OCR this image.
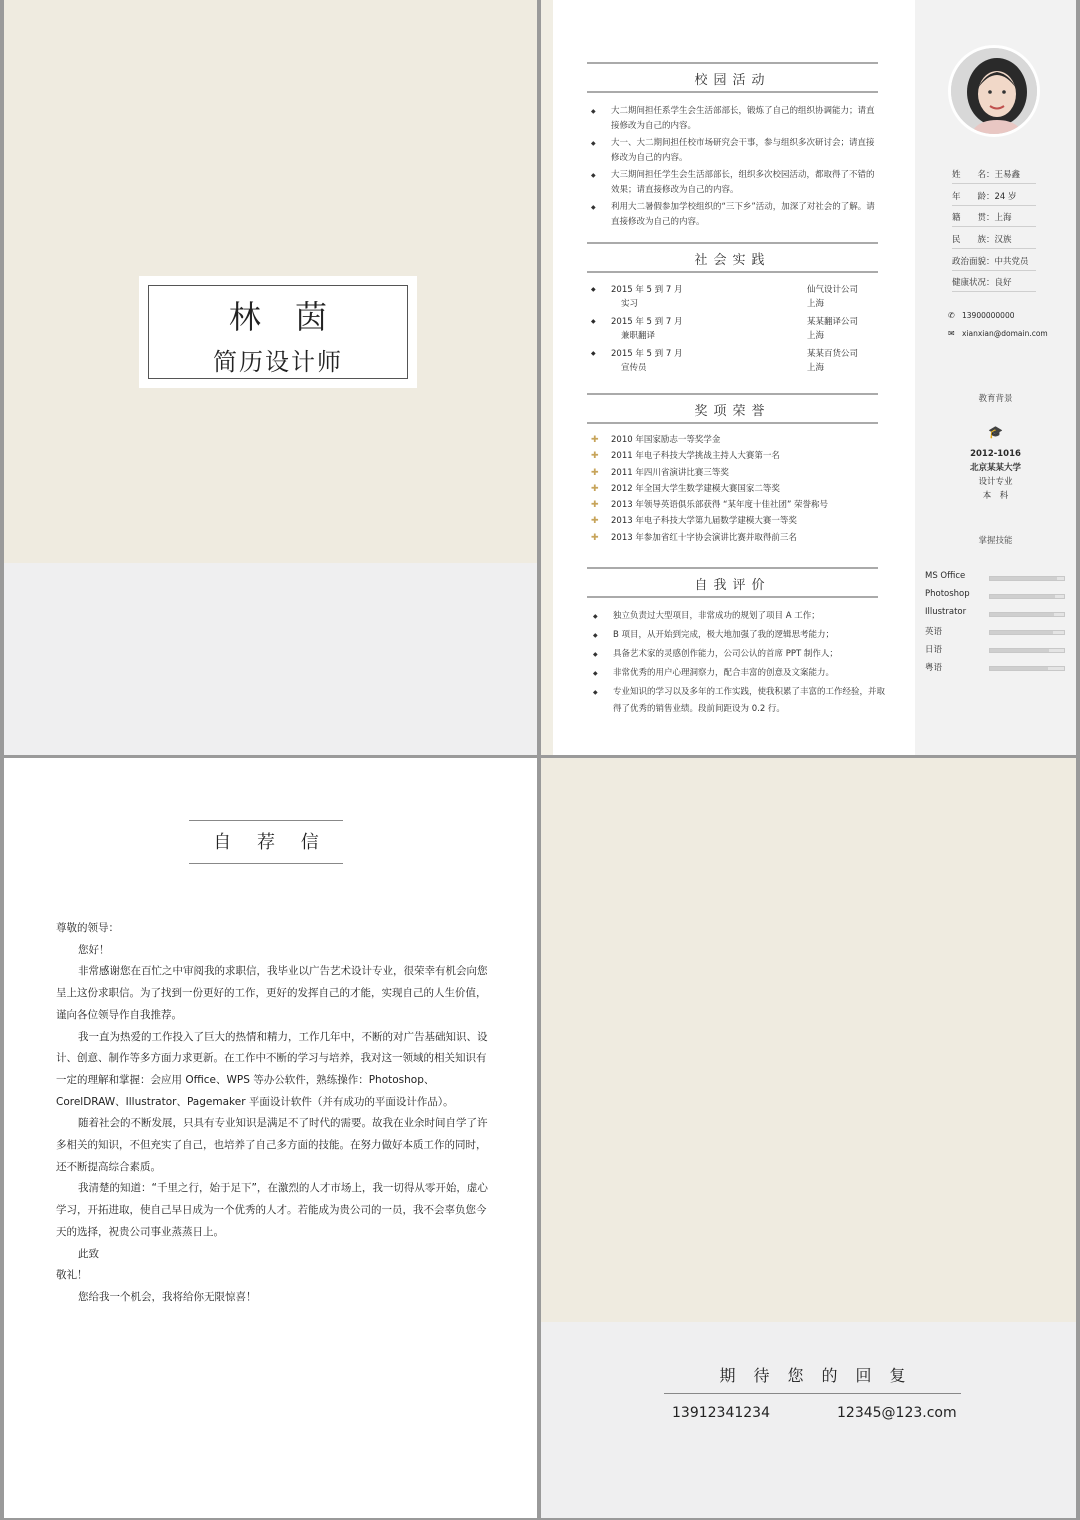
林 茵
简历设计师
校园活动
◆ 大二期间担任系学生会生活部部长，锻炼了自己的组织协调能力；请直接修改为自己的内容。
◆ 大一、大二期间担任校市场研究会干事，参与组织多次研讨会；请直接修改为自己的内容。
◆ 大三期间担任学生会生活部部长，组织多次校园活动，都取得了不错的效果；请直接修改为自己的内容。
◆ 利用大二暑假参加学校组织的“三下乡”活动，加深了对社会的了解。请直接修改为自己的内容。
社会实践
◆ 2015 年 5 到 7 月
实习
仙气设计公司
上海
◆ 2015 年 5 到 7 月
兼职翻译
某某翻译公司
上海
◆ 2015 年 5 到 7 月
宣传员
某某百货公司
上海
奖项荣誉
✚ 2010 年国家励志一等奖学金
✚ 2011 年电子科技大学挑战主持人大赛第一名
✚ 2011 年四川省演讲比赛三等奖
✚ 2012 年全国大学生数学建模大赛国家二等奖
✚ 2013 年领导英语俱乐部获得 “某年度十佳社团” 荣誉称号
✚ 2013 年电子科技大学第九届数学建模大赛一等奖
✚ 2013 年参加省红十字协会演讲比赛并取得前三名
自我评价
◆ 独立负责过大型项目，非常成功的规划了项目 A 工作；
◆ B 项目，从开始到完成，极大地加强了我的逻辑思考能力；
◆ 具备艺术家的灵感创作能力，公司公认的首席 PPT 制作人；
◆ 非常优秀的用户心理洞察力，配合丰富的创意及文案能力。
◆ 专业知识的学习以及多年的工作实践，使我积累了丰富的工作经验，并取得了优秀的销售业绩。段前间距设为 0.2 行。
姓　　名：王易鑫
年　　龄：24 岁
籍　　贯：上海
民　　族：汉族
政治面貌：中共党员
健康状况：良好
✆ 13900000000
✉ xianxian@domain.com
教育背景
🎓
2012-1016
北京某某大学
设计专业
本　科
掌握技能
MS Office
Photoshop
Illustrator
英语
日语
粤语
自 荐 信

尊敬的领导：

您好！

非常感谢您在百忙之中审阅我的求职信，我毕业以广告艺术设计专业，很荣幸有机会向您呈上这份求职信。为了找到一份更好的工作，更好的发挥自己的才能，实现自己的人生价值，谨向各位领导作自我推荐。

我一直为热爱的工作投入了巨大的热情和精力，工作几年中，不断的对广告基础知识、设计、创意、制作等多方面力求更新。在工作中不断的学习与培养，我对这一领域的相关知识有一定的理解和掌握：会应用 Office、WPS 等办公软件，熟练操作：Photoshop、CorelDRAW、Illustrator、Pagemaker 平面设计软件（并有成功的平面设计作品）。

随着社会的不断发展，只具有专业知识是满足不了时代的需要。故我在业余时间自学了许多相关的知识，不但充实了自己，也培养了自己多方面的技能。在努力做好本质工作的同时，还不断提高综合素质。

我清楚的知道：“千里之行，始于足下”，在激烈的人才市场上，我一切得从零开始，虚心学习，开拓进取，使自己早日成为一个优秀的人才。若能成为贵公司的一员，我不会辜负您今天的选择，祝贵公司事业蒸蒸日上。

此致

敬礼！

您给我一个机会，我将给你无限惊喜！

期待您的回复
13912341234	12345@123.com
